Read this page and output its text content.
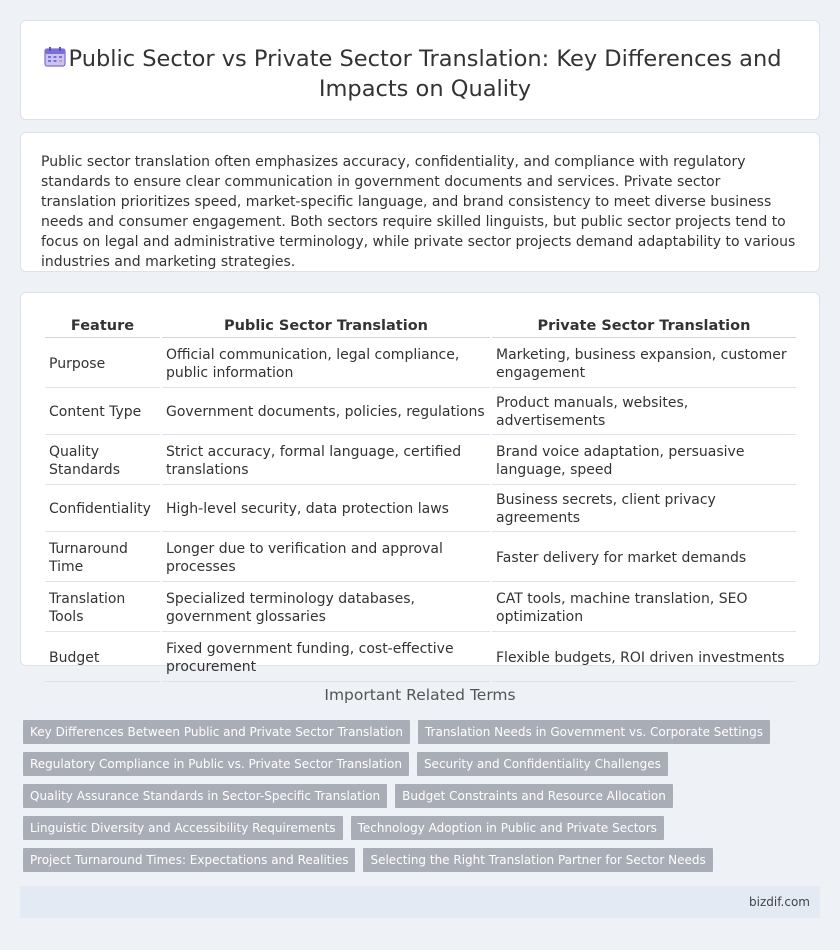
Public Sector vs Private Sector Translation: Key Differences and Impacts on Quality

Public sector translation often emphasizes accuracy, confidentiality, and compliance with regulatory standards to ensure clear communication in government documents and services. Private sector translation prioritizes speed, market-specific language, and brand consistency to meet diverse business needs and consumer engagement. Both sectors require skilled linguists, but public sector projects tend to focus on legal and administrative terminology, while private sector projects demand adaptability to various industries and marketing strategies.

Feature	Public Sector Translation	Private Sector Translation
Purpose	Official communication, legal compliance, public information	Marketing, business expansion, customer engagement
Content Type	Government documents, policies, regulations	Product manuals, websites, advertisements
Quality Standards	Strict accuracy, formal language, certified translations	Brand voice adaptation, persuasive language, speed
Confidentiality	High-level security, data protection laws	Business secrets, client privacy agreements
Turnaround Time	Longer due to verification and approval processes	Faster delivery for market demands
Translation Tools	Specialized terminology databases, government glossaries	CAT tools, machine translation, SEO optimization
Budget	Fixed government funding, cost-effective procurement	Flexible budgets, ROI driven investments
Important Related Terms
Key Differences Between Public and Private Sector Translation	Translation Needs in Government vs. Corporate Settings
Regulatory Compliance in Public vs. Private Sector Translation	Security and Confidentiality Challenges
Quality Assurance Standards in Sector-Specific Translation	Budget Constraints and Resource Allocation
Linguistic Diversity and Accessibility Requirements	Technology Adoption in Public and Private Sectors
Project Turnaround Times: Expectations and Realities	Selecting the Right Translation Partner for Sector Needs
bizdif.com
